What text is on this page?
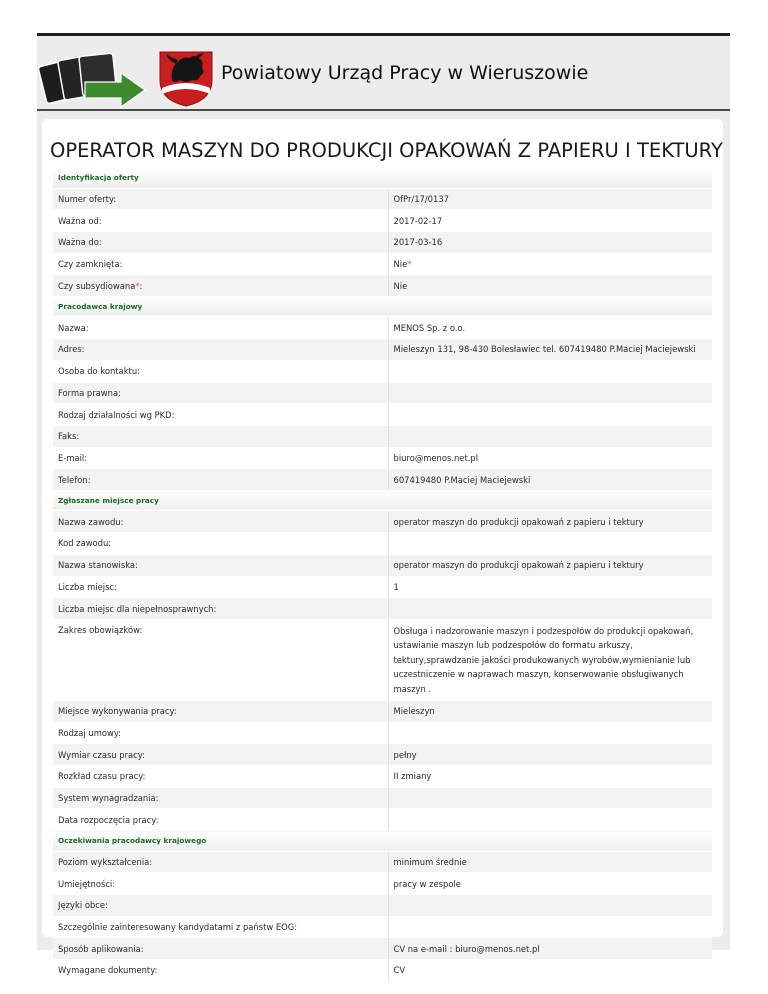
Powiatowy Urząd Pracy w Wieruszowie
OPERATOR MASZYN DO PRODUKCJI OPAKOWAŃ Z PAPIERU I TEKTURY
Identyfikacja oferty	
Numer oferty:	OfPr/17/0137
Ważna od:	2017-02-17
Ważna do:	2017-03-16
Czy zamknięta:	Nie*
Czy subsydiowana*:	Nie
Pracodawca krajowy	
Nazwa:	MENOS Sp. z o.o.
Adres:	Mieleszyn 131, 98-430 Bolesławiec tel. 607419480 P.Maciej Maciejewski
Osoba do kontaktu:	
Forma prawna:	
Rodzaj działalności wg PKD:	
Faks:	
E-mail:	biuro@menos.net.pl
Telefon:	607419480 P.Maciej Maciejewski
Zgłaszane miejsce pracy	
Nazwa zawodu:	operator maszyn do produkcji opakowań z papieru i tektury
Kod zawodu:	
Nazwa stanowiska:	operator maszyn do produkcji opakowań z papieru i tektury
Liczba miejsc:	1
Liczba miejsc dla niepełnosprawnych:	
Zakres obowiązków:	Obsługa i nadzorowanie maszyn i podzespołów do produkcji opakowań, ustawianie maszyn lub podzespołów do formatu arkuszy, tektury,sprawdzanie jakości produkowanych wyrobów,wymienianie lub uczestniczenie w naprawach maszyn, konserwowanie obsługiwanych maszyn .
Miejsce wykonywania pracy:	Mieleszyn
Rodzaj umowy:	
Wymiar czasu pracy:	pełny
Rozkład czasu pracy:	II zmiany
System wynagradzania:	
Data rozpoczęcia pracy:	
Oczekiwania pracodawcy krajowego	
Poziom wykształcenia:	minimum średnie
Umiejętności:	pracy w zespole
Języki obce:	
Szczególnie zainteresowany kandydatami z państw EOG:	
Sposób aplikowania:	CV na e-mail : biuro@menos.net.pl
Wymagane dokumenty:	CV
